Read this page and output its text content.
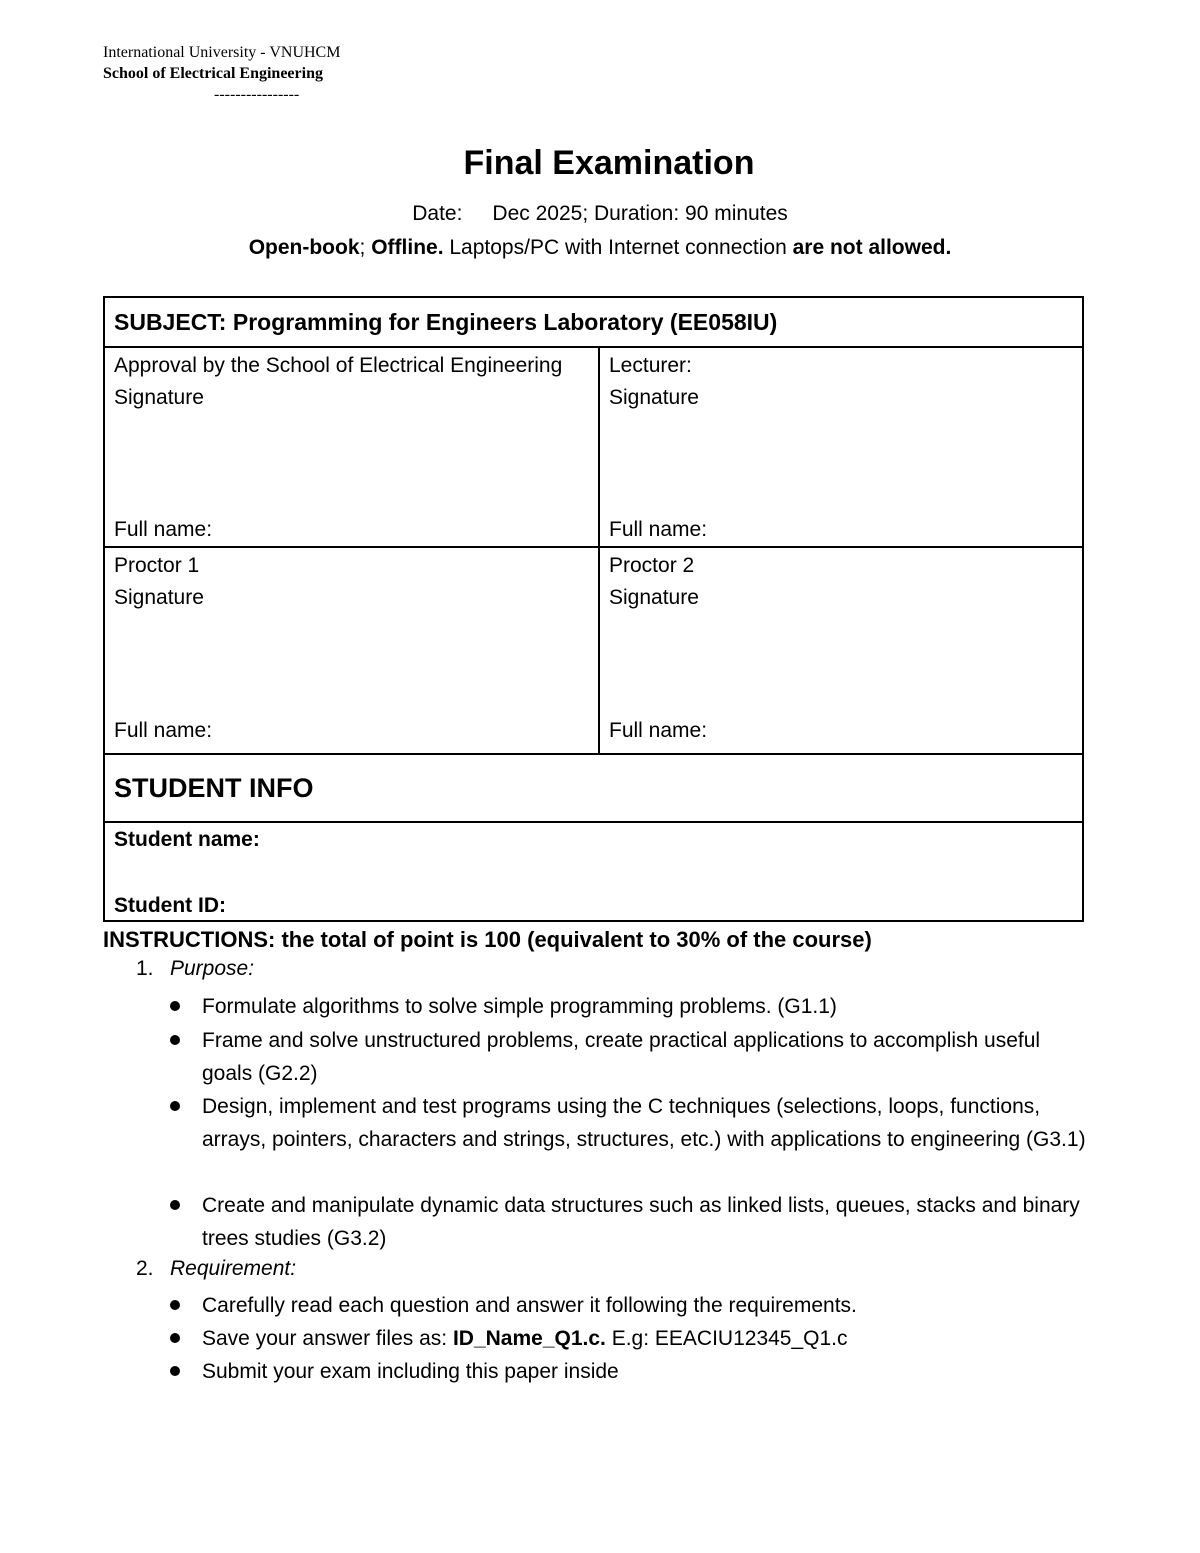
International University - VNUHCM
School of Electrical Engineering
----------------
Final Examination
Date: Dec 2025; Duration: 90 minutes
Open-book; Offline. Laptops/PC with Internet connection are not allowed.
SUBJECT: Programming for Engineers Laboratory (EE058IU)
Approval by the School of Electrical Engineering
Signature
Full name:
Lecturer:
Signature
Full name:
Proctor 1
Signature
Full name:
Proctor 2
Signature
Full name:
STUDENT INFO
Student name:
Student ID:
INSTRUCTIONS: the total of point is 100 (equivalent to 30% of the course)
1. Purpose:
Formulate algorithms to solve simple programming problems. (G1.1)
Frame and solve unstructured problems, create practical applications to accomplish useful goals (G2.2)
Design, implement and test programs using the C techniques (selections, loops, functions, arrays, pointers, characters and strings, structures, etc.) with applications to engineering (G3.1)
Create and manipulate dynamic data structures such as linked lists, queues, stacks and binary trees studies (G3.2)
2. Requirement:
Carefully read each question and answer it following the requirements.
Save your answer files as: ID_Name_Q1.c. E.g: EEACIU12345_Q1.c
Submit your exam including this paper inside
